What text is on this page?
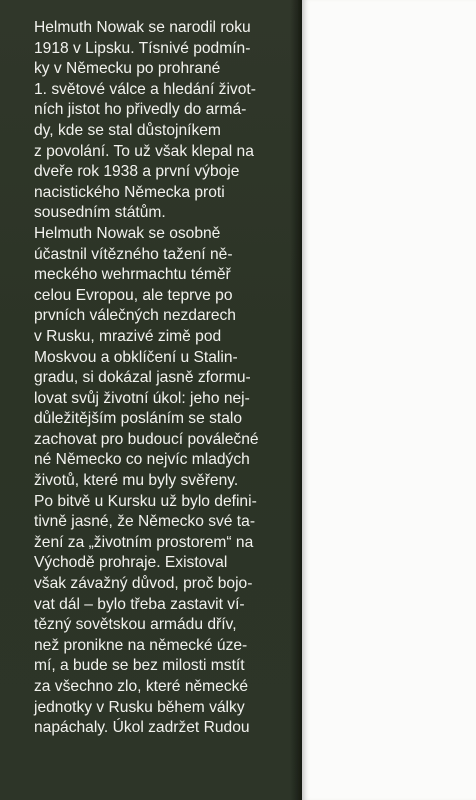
Helmuth Nowak se narodil roku
1918 v Lipsku. Tísnivé podmín-
ky v Německu po prohrané
1. světové válce a hledání život-
ních jistot ho přivedly do armá-
dy, kde se stal důstojníkem
z povolání. To už však klepal na
dveře rok 1938 a první výboje
nacistického Německa proti
sousedním státům.
Helmuth Nowak se osobně
účastnil vítězného tažení ně-
meckého wehrmachtu téměř
celou Evropou, ale teprve po
prvních válečných nezdarech
v Rusku, mrazivé zimě pod
Moskvou a obklíčení u Stalin-
gradu, si dokázal jasně zformu-
lovat svůj životní úkol: jeho nej-
důležitějším posláním se stalo
zachovat pro budoucí poválečné
né Německo co nejvíc mladých
životů, které mu byly svěřeny.
Po bitvě u Kursku už bylo defini-
tivně jasné, že Německo své ta-
žení za „životním prostorem“ na
Východě prohraje. Existoval
však závažný důvod, proč bojo-
vat dál – bylo třeba zastavit ví-
tězný sovětskou armádu dřív,
než pronikne na německé úze-
mí, a bude se bez milosti mstít
za všechno zlo, které německé
jednotky v Rusku během války
napáchaly. Úkol zadržet Rudou
